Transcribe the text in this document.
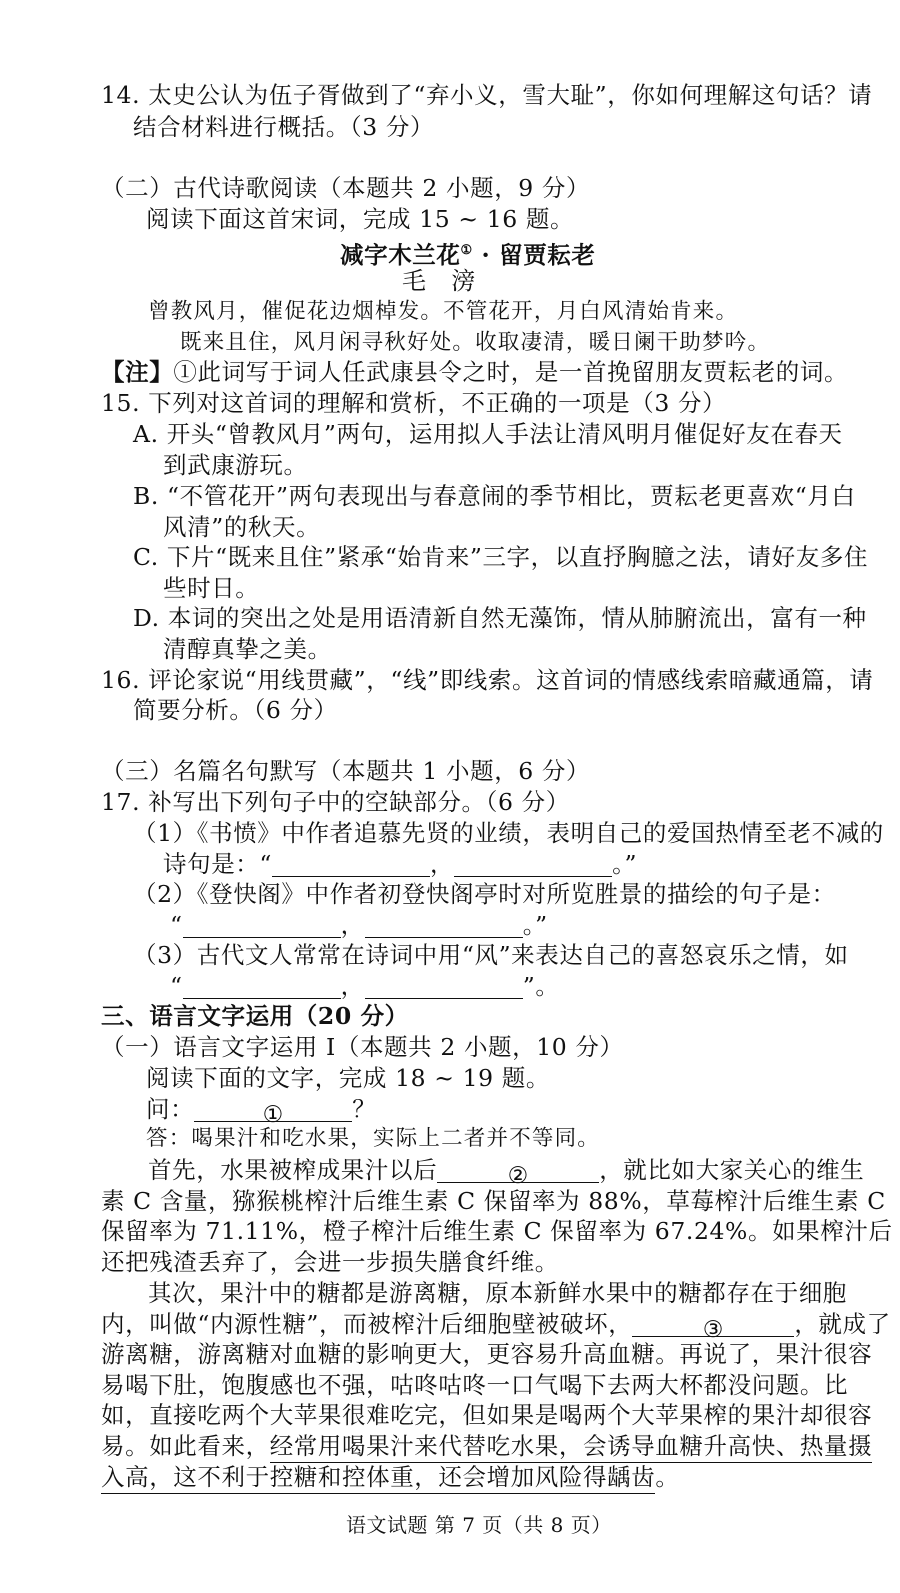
14. 太史公认为伍子胥做到了“弃小义，雪大耻”，你如何理解这句话？请
结合材料进行概括。（3 分）
（二）古代诗歌阅读（本题共 2 小题，9 分）
阅读下面这首宋词，完成 15 ~ 16 题。
减字木兰花① · 留贾耘老
毛　滂
曾教风月，催促花边烟棹发。不管花开，月白风清始肯来。
既来且住，风月闲寻秋好处。收取凄清，暖日阑干助梦吟。
【注】①此词写于词人任武康县令之时，是一首挽留朋友贾耘老的词。
15. 下列对这首词的理解和赏析，不正确的一项是（3 分）
A. 开头“曾教风月”两句，运用拟人手法让清风明月催促好友在春天
到武康游玩。
B. “不管花开”两句表现出与春意闹的季节相比，贾耘老更喜欢“月白
风清”的秋天。
C. 下片“既来且住”紧承“始肯来”三字，以直抒胸臆之法，请好友多住
些时日。
D. 本词的突出之处是用语清新自然无藻饰，情从肺腑流出，富有一种
清醇真挚之美。
16. 评论家说“用线贯藏”，“线”即线索。这首词的情感线索暗藏通篇，请
简要分析。（6 分）
（三）名篇名句默写（本题共 1 小题，6 分）
17. 补写出下列句子中的空缺部分。（6 分）
（1）《书愤》中作者追慕先贤的业绩，表明自己的爱国热情至老不减的
诗句是：“	，	。”
（2）《登快阁》中作者初登快阁亭时对所览胜景的描绘的句子是：
“	，	。”
（3）古代文人常常在诗词中用“风”来表达自己的喜怒哀乐之情，如
“	，	”。
三、语言文字运用（20 分）
（一）语言文字运用 Ⅰ（本题共 2 小题，10 分）
阅读下面的文字，完成 18 ~ 19 题。
问：	①	？
答：喝果汁和吃水果，实际上二者并不等同。
首先，水果被榨成果汁以后	②	，就比如大家关心的维生
素 C 含量，猕猴桃榨汁后维生素 C 保留率为 88%，草莓榨汁后维生素 C
保留率为 71.11%，橙子榨汁后维生素 C 保留率为 67.24%。如果榨汁后
还把残渣丢弃了，会进一步损失膳食纤维。
其次，果汁中的糖都是游离糖，原本新鲜水果中的糖都存在于细胞
内，叫做“内源性糖”，而被榨汁后细胞壁被破坏，	③	，就成了
游离糖，游离糖对血糖的影响更大，更容易升高血糖。再说了，果汁很容
易喝下肚，饱腹感也不强，咕咚咕咚一口气喝下去两大杯都没问题。比
如，直接吃两个大苹果很难吃完，但如果是喝两个大苹果榨的果汁却很容
易。如此看来，经常用喝果汁来代替吃水果，会诱导血糖升高快、热量摄
入高，这不利于控糖和控体重，还会增加风险得龋齿。
语文试题 第 7 页（共 8 页）
